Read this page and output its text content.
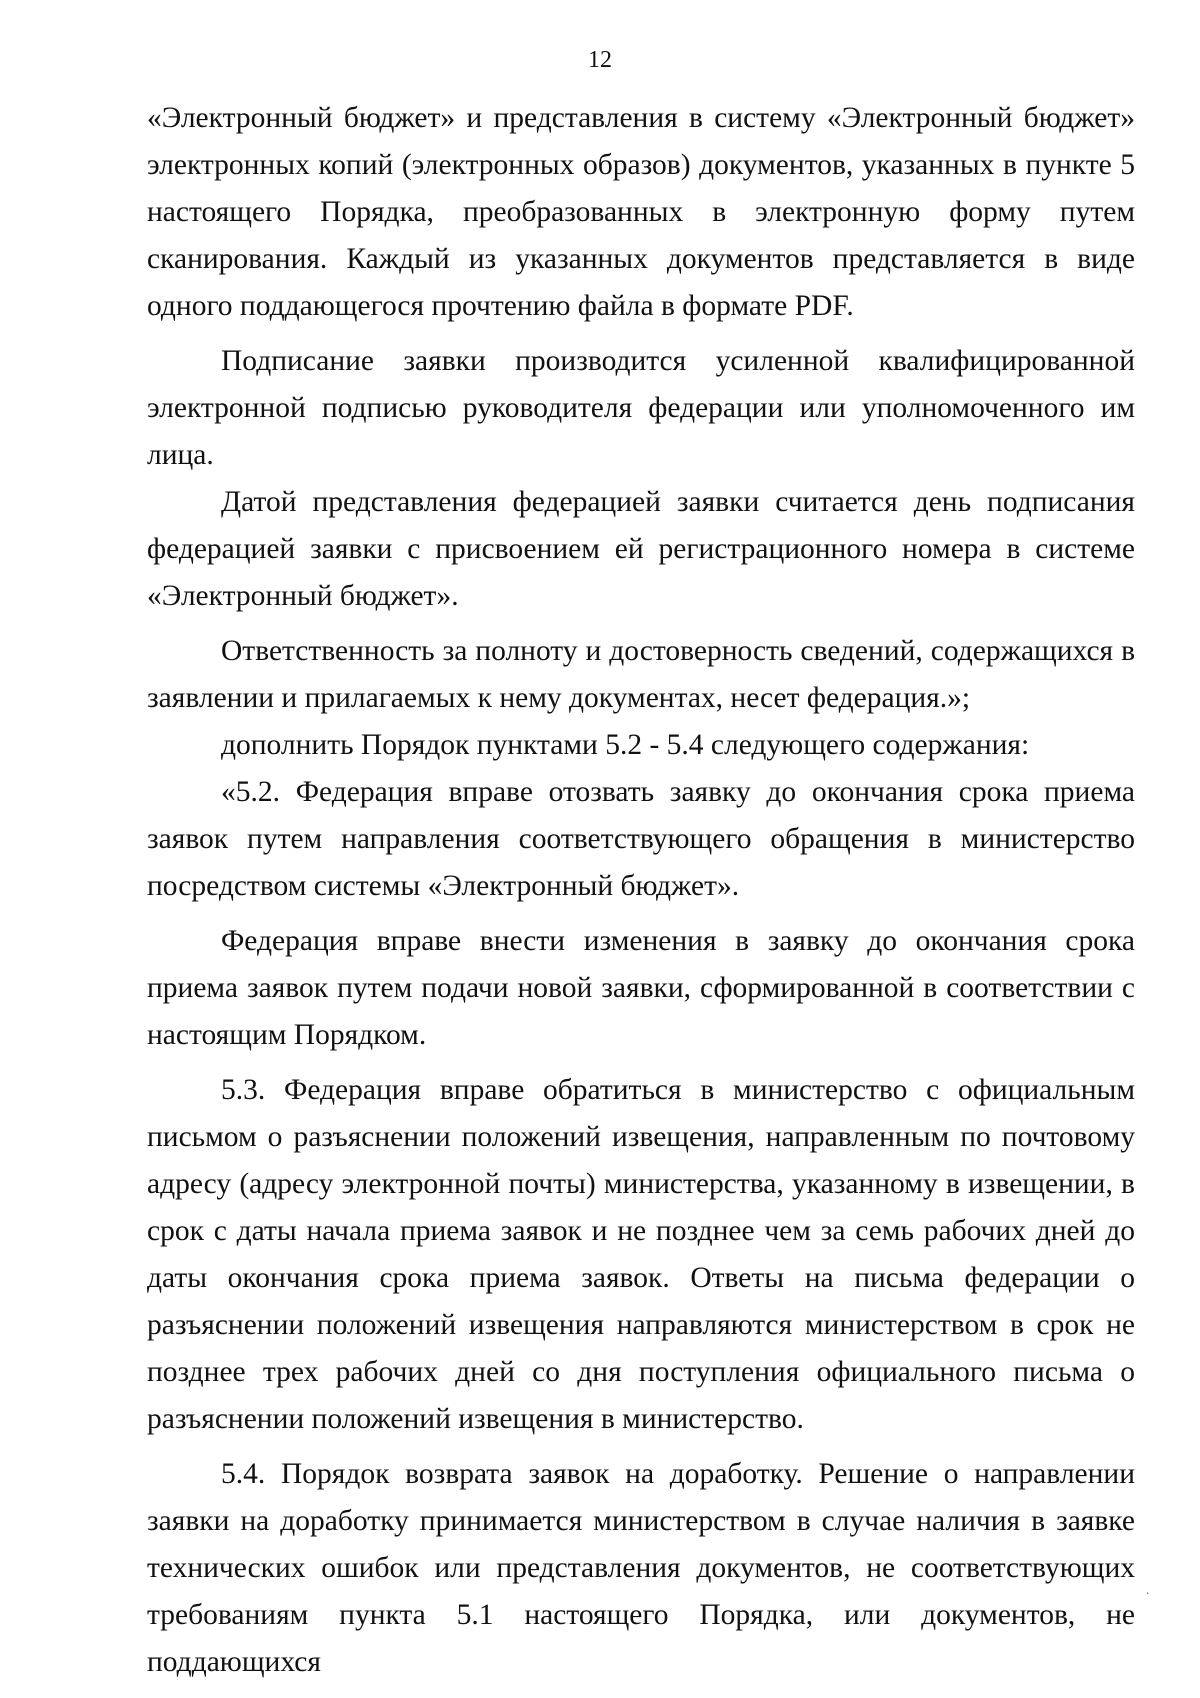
12

«Электронный бюджет» и представления в систему «Электронный бюджет» электронных копий (электронных образов) документов, указанных в пункте 5 настоящего Порядка, преобразованных в электронную форму путем сканирования. Каждый из указанных документов представляется в виде одного поддающегося прочтению файла в формате PDF.

Подписание заявки производится усиленной квалифицированной электронной подписью руководителя федерации или уполномоченного им лица.

Датой представления федерацией заявки считается день подписания федерацией заявки с присвоением ей регистрационного номера в системе «Электронный бюджет».

Ответственность за полноту и достоверность сведений, содержащихся в заявлении и прилагаемых к нему документах, несет федерация.»;

дополнить Порядок пунктами 5.2 - 5.4 следующего содержания:

«5.2. Федерация вправе отозвать заявку до окончания срока приема заявок путем направления соответствующего обращения в министерство посредством системы «Электронный бюджет».

Федерация вправе внести изменения в заявку до окончания срока приема заявок путем подачи новой заявки, сформированной в соответствии с настоящим Порядком.

5.3. Федерация вправе обратиться в министерство с официальным письмом о разъяснении положений извещения, направленным по почтовому адресу (адресу электронной почты) министерства, указанному в извещении, в срок с даты начала приема заявок и не позднее чем за семь рабочих дней до даты окончания срока приема заявок. Ответы на письма федерации о разъяснении положений извещения направляются министерством в срок не позднее трех рабочих дней со дня поступления официального письма о разъяснении положений извещения в министерство.

5.4. Порядок возврата заявок на доработку. Решение о направлении заявки на доработку принимается министерством в случае наличия в заявке технических ошибок или представления документов, не соответствующих требованиям пункта 5.1 настоящего Порядка, или документов, не поддающихся

·
